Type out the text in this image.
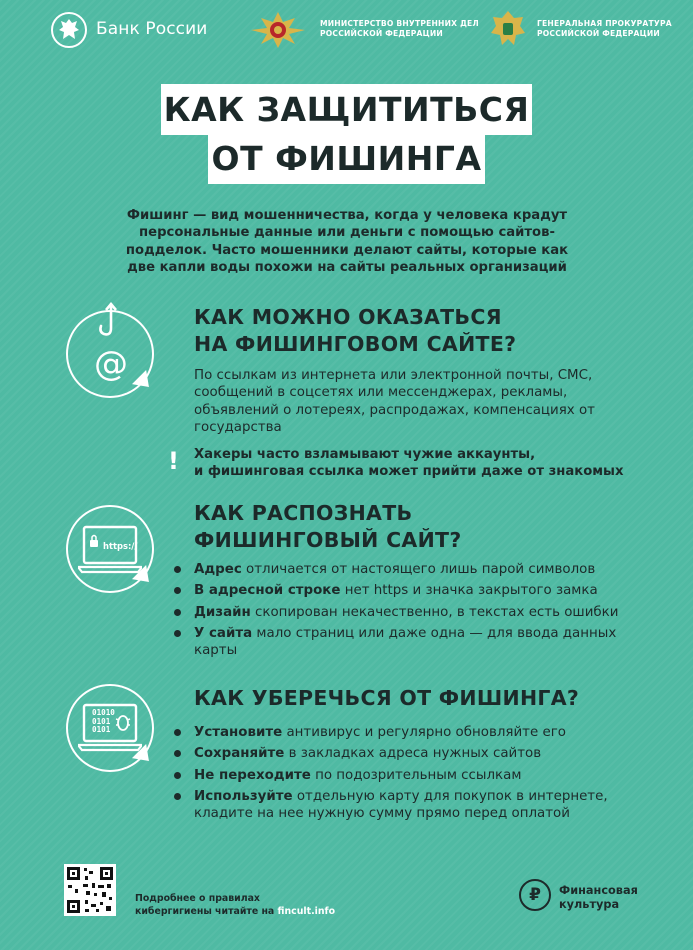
Банк России	МИНИСТЕРСТВО ВНУТРЕННИХ ДЕЛ
РОССИЙСКОЙ ФЕДЕРАЦИИ
ГЕНЕРАЛЬНАЯ ПРОКУРАТУРА
РОССИЙСКОЙ ФЕДЕРАЦИИ
КАК ЗАЩИТИТЬСЯ
ОТ ФИШИНГА
Фишинг — вид мошенничества, когда у человека крадут персональные данные или деньги с помощью сайтов-подделок. Часто мошенники делают сайты, которые как две капли воды похожи на сайты реальных организаций
@
КАК МОЖНО ОКАЗАТЬСЯ
НА ФИШИНГОВОМ САЙТЕ?
По ссылкам из интернета или электронной почты, СМС, сообщений в соцсетях или мессенджерах, рекламы, объявлений о лотереях, распродажах, компенсациях от государства
! Хакеры часто взламывают чужие аккаунты,
и фишинговая ссылка может прийти даже от знакомых
https://
КАК РАСПОЗНАТЬ
ФИШИНГОВЫЙ САЙТ?
Адрес отличается от настоящего лишь парой символов
В адресной строке нет https и значка закрытого замка
Дизайн скопирован некачественно, в текстах есть ошибки
У сайта мало страниц или даже одна — для ввода данных карты
01010
0101
0101
КАК УБЕРЕЧЬСЯ ОТ ФИШИНГА?
Установите антивирус и регулярно обновляйте его
Сохраняйте в закладках адреса нужных сайтов
Не переходите по подозрительным ссылкам
Используйте отдельную карту для покупок в интернете, кладите на нее нужную сумму прямо перед оплатой
Подробнее о правилах
кибергигиены читайте на fincult.info
₽	Финансовая
культура
